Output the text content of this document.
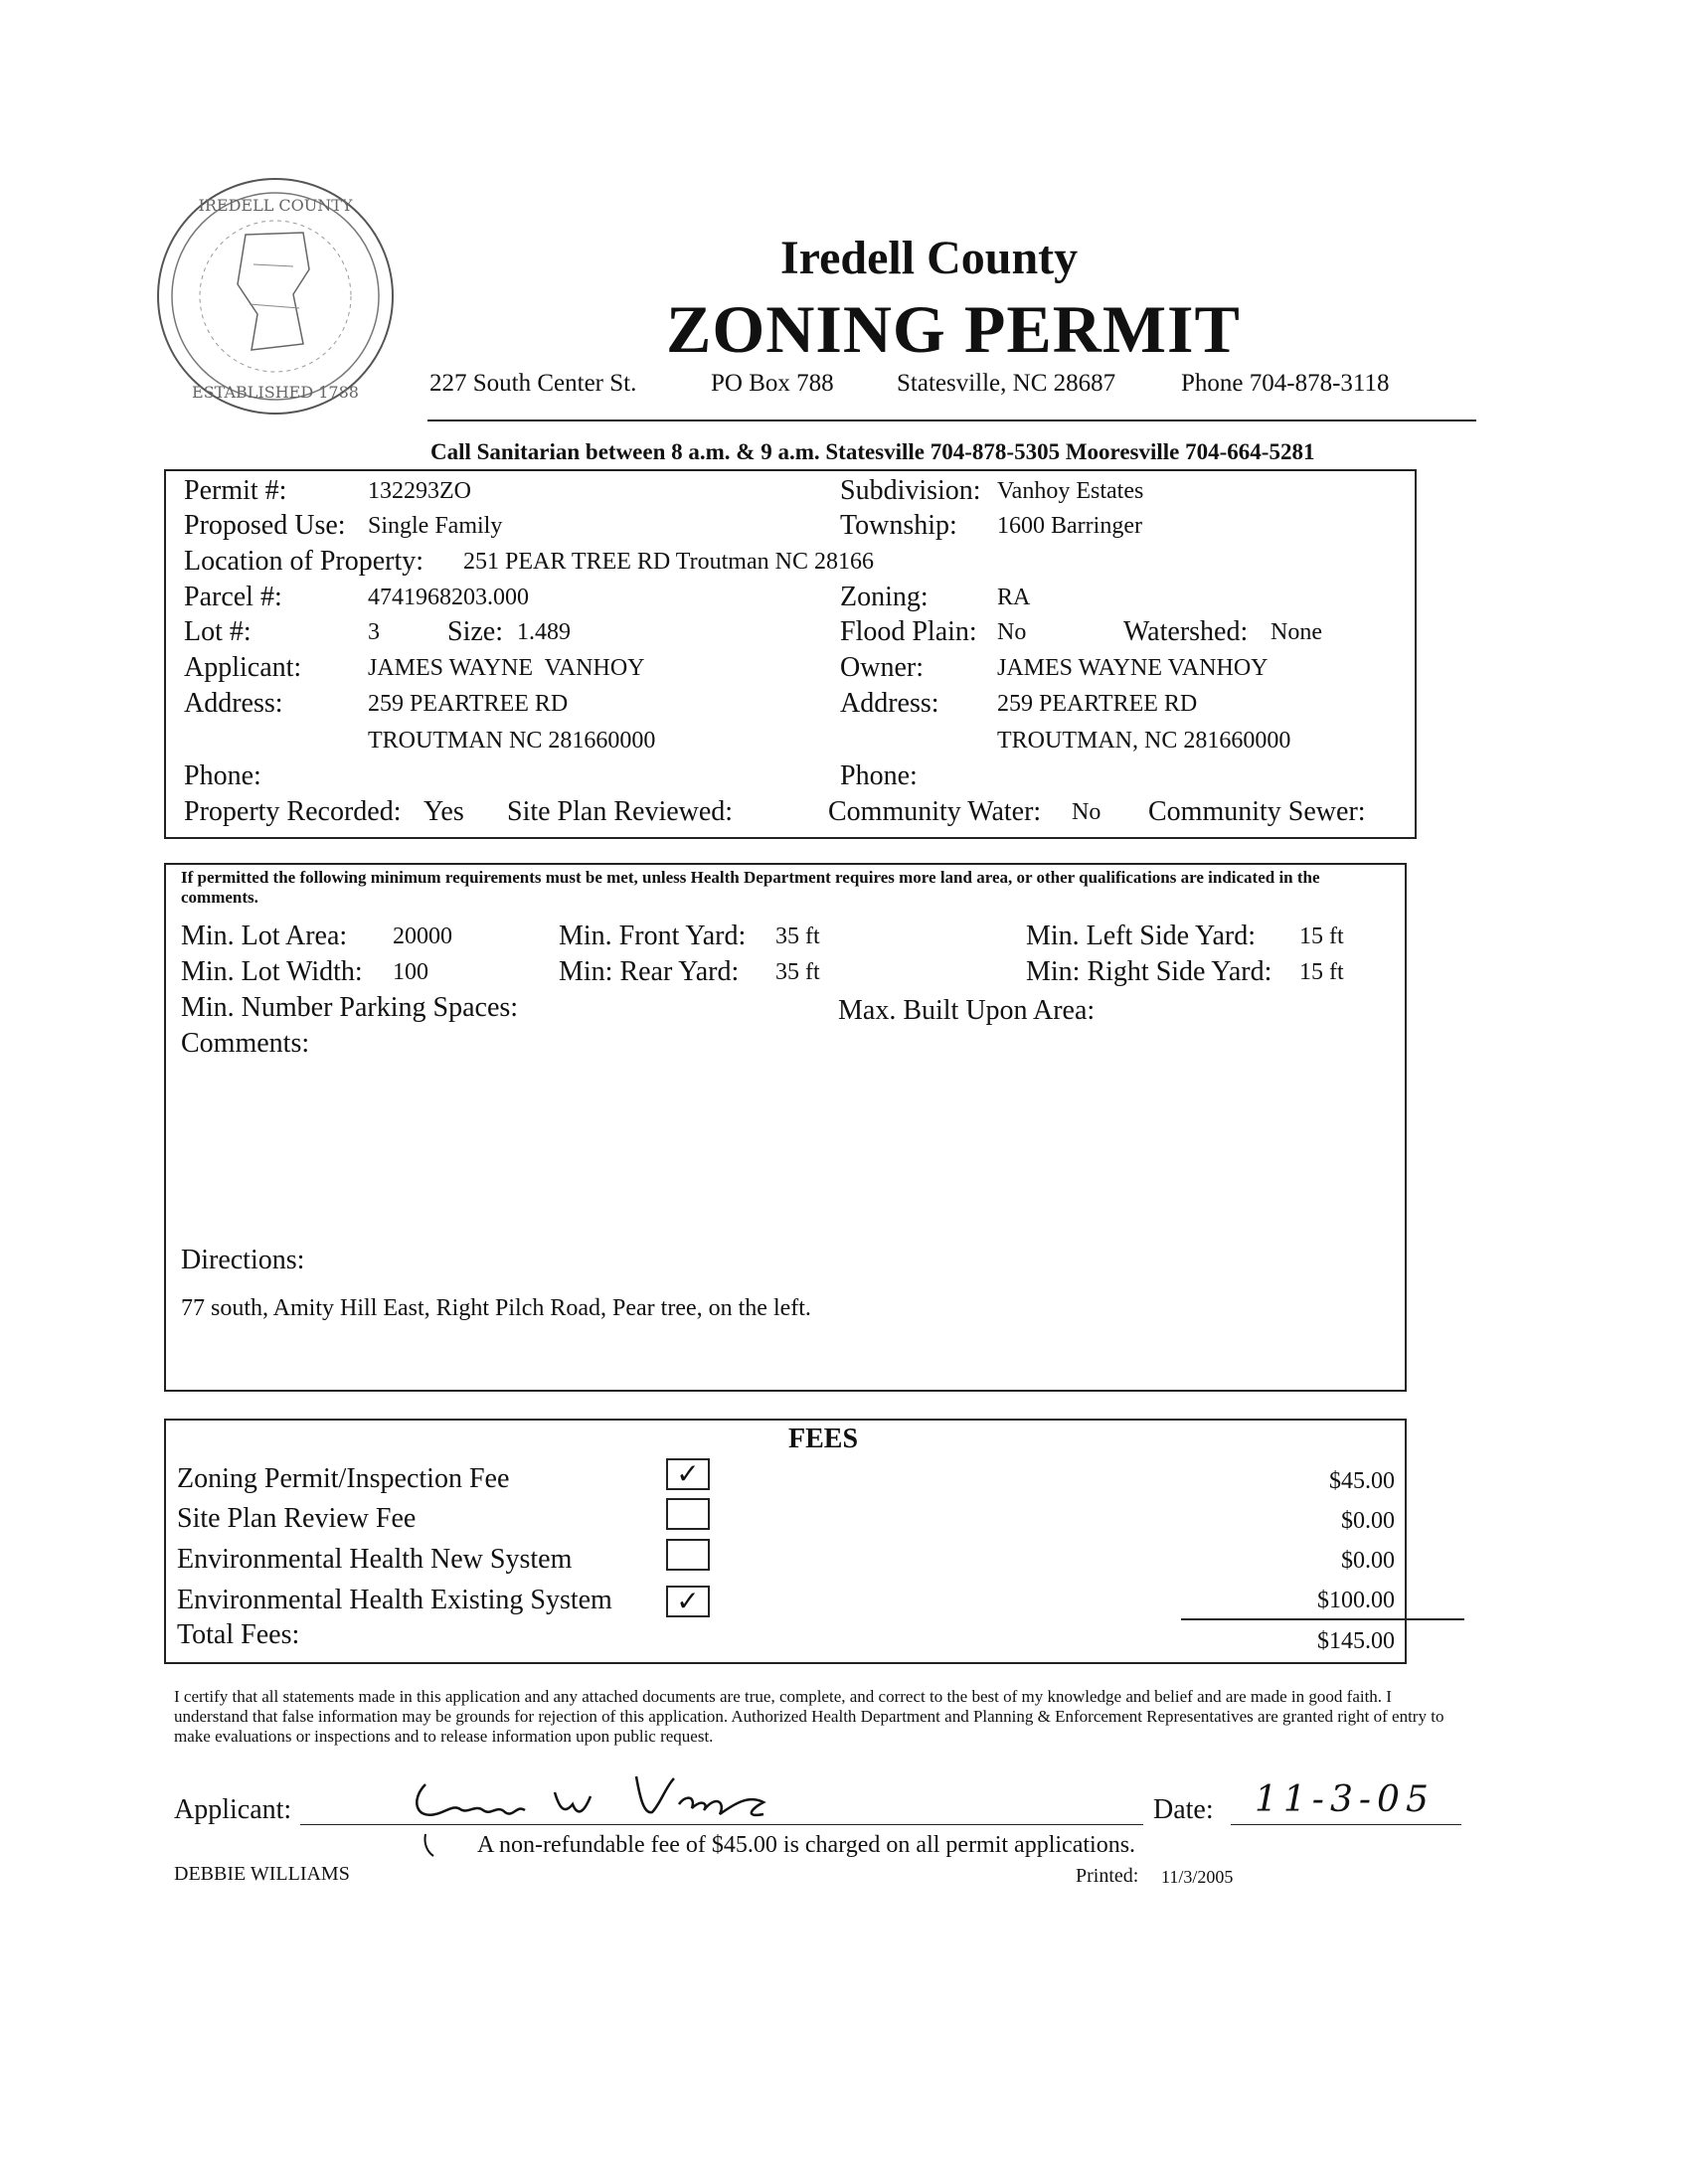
IREDELL COUNTY
ESTABLISHED 1788
Iredell County
ZONING PERMIT
227 South Center St.	PO Box 788	Statesville, NC 28687	Phone 704-878-3118
Call Sanitarian between 8 a.m. & 9 a.m. Statesville 704-878-5305 Mooresville 704-664-5281
Permit #:	132293ZO	Subdivision: Vanhoy Estates
Proposed Use: Single Family	Township: 1600 Barringer
Location of Property: 251 PEAR TREE RD Troutman NC 28166
Parcel #:	4741968203.000	Zoning:	RA
Lot #:	3 Size: 1.489	Flood Plain: No	Watershed: None
Applicant:	JAMES WAYNE  VANHOY	Owner:	JAMES WAYNE VANHOY
Address:	259 PEARTREE RD	Address: 259 PEARTREE RD
TROUTMAN NC 281660000	TROUTMAN, NC 281660000
Phone:	Phone:
Property Recorded: Yes Site Plan Reviewed:	Community Water: No Community Sewer:
If permitted the following minimum requirements must be met, unless Health Department requires more land area, or other qualifications are indicated in the comments.
Min. Lot Area: 20000	Min. Front Yard: 35 ft	Min. Left Side Yard: 15 ft
Min. Lot Width: 100	Min: Rear Yard: 35 ft	Min: Right Side Yard: 15 ft
Min. Number Parking Spaces:	Max. Built Upon Area:
Comments:
Directions:
77 south, Amity Hill East, Right Pilch Road, Pear tree, on the left.
FEES
Zoning Permit/Inspection Fee	✓	$45.00
Site Plan Review Fee	$0.00
Environmental Health New System	$0.00
Environmental Health Existing System	✓	$100.00
Total Fees:	$145.00
I certify that all statements made in this application and any attached documents are true, complete, and correct to the best of my knowledge and belief and are made in good faith. I understand that false information may be grounds for rejection of this application. Authorized Health Department and Planning & Enforcement Representatives are granted right of entry to make evaluations or inspections and to release information upon public request.
Applicant:	Date: 11-3-05
A non-refundable fee of $45.00 is charged on all permit applications.
DEBBIE WILLIAMS	Printed: 11/3/2005
